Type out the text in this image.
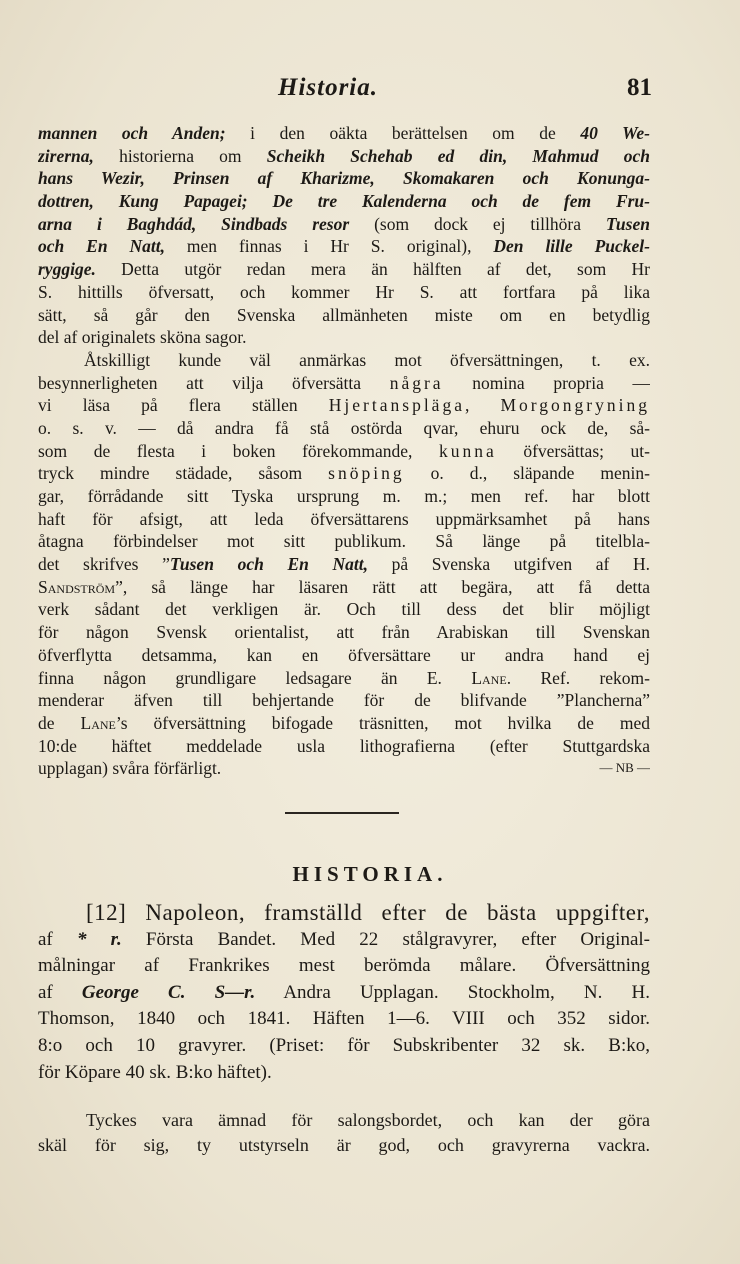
Historia.	81
mannen och Anden; i den oäkta berättelsen om de 40 We-
zirerna, historierna om Scheikh Schehab ed din, Mahmud och
hans Wezir, Prinsen af Kharizme, Skomakaren och Konunga-
dottren, Kung Papagei; De tre Kalenderna och de fem Fru-
arna i Baghdád, Sindbads resor (som dock ej tillhöra Tusen
och En Natt, men finnas i Hr S. original), Den lille Puckel-
ryggige. Detta utgör redan mera än hälften af det, som Hr
S. hittills öfversatt, och kommer Hr S. att fortfara på lika
sätt, så går den Svenska allmänheten miste om en betydlig
del af originalets sköna sagor.
Åtskilligt kunde väl anmärkas mot öfversättningen, t. ex.
besynnerligheten att vilja öfversätta några nomina propria —
vi läsa på flera ställen Hjertanspläga, Morgongryning
o. s. v. — då andra få stå ostörda qvar, ehuru ock de, så-
som de flesta i boken förekommande, kunna öfversättas; ut-
tryck mindre städade, såsom snöping o. d., släpande menin-
gar, förrådande sitt Tyska ursprung m. m.; men ref. har blott
haft för afsigt, att leda öfversättarens uppmärksamhet på hans
åtagna förbindelser mot sitt publikum. Så länge på titelbla-
det skrifves ”Tusen och En Natt, på Svenska utgifven af H.
Sandström”, så länge har läsaren rätt att begära, att få detta
verk sådant det verkligen är. Och till dess det blir möjligt
för någon Svensk orientalist, att från Arabiskan till Svenskan
öfverflytta detsamma, kan en öfversättare ur andra hand ej
finna någon grundligare ledsagare än E. Lane. Ref. rekom-
menderar äfven till behjertande för de blifvande ”Plancherna”
de Lane’s öfversättning bifogade träsnitten, mot hvilka de med
10:de häftet meddelade usla lithografierna (efter Stuttgardska
upplagan) svåra förfärligt.	— NB —
HISTORIA.
[12] Napoleon, framställd efter de bästa uppgifter,
af * r. Första Bandet. Med 22 stålgravyrer, efter Original-
målningar af Frankrikes mest berömda målare. Öfversättning
af George C. S—r. Andra Upplagan. Stockholm, N. H.
Thomson, 1840 och 1841. Häften 1—6. VIII och 352 sidor.
8:o och 10 gravyrer. (Priset: för Subskribenter 32 sk. B:ko,
för Köpare 40 sk. B:ko häftet).
Tyckes vara ämnad för salongsbordet, och kan der göra
skäl för sig, ty utstyrseln är god, och gravyrerna vackra.
